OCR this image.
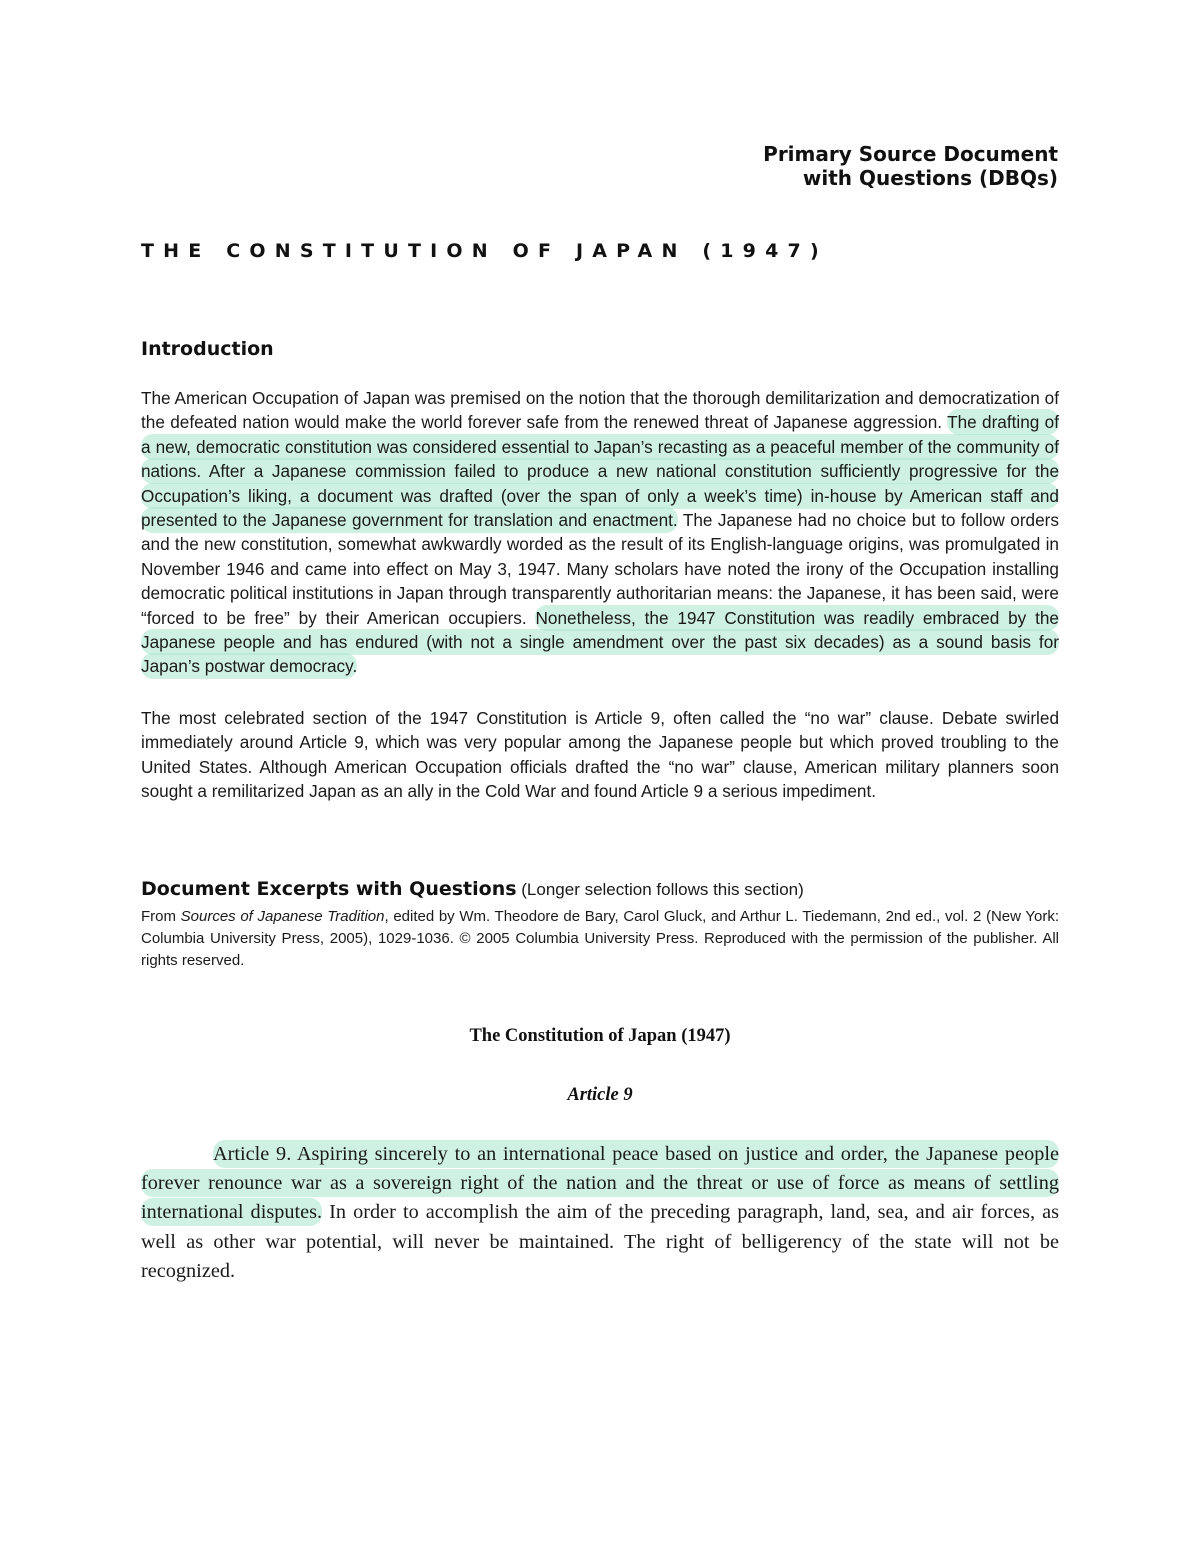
Primary Source Document
with Questions (DBQs)
THE CONSTITUTION OF JAPAN (1947)
Introduction

The American Occupation of Japan was premised on the notion that the thorough demilitarization and democratization of the defeated nation would make the world forever safe from the renewed threat of Japanese aggression. The drafting of a new, democratic constitution was considered essential to Japan’s recasting as a peaceful member of the community of nations. After a Japanese commission failed to produce a new national constitution sufficiently progressive for the Occupation’s liking, a document was drafted (over the span of only a week’s time) in-house by American staff and presented to the Japanese government for translation and enactment. The Japanese had no choice but to follow orders and the new constitution, somewhat awkwardly worded as the result of its English-language origins, was promulgated in November 1946 and came into effect on May 3, 1947. Many scholars have noted the irony of the Occupation installing democratic political institutions in Japan through transparently authoritarian means: the Japanese, it has been said, were “forced to be free” by their American occupiers. Nonetheless, the 1947 Constitution was readily embraced by the Japanese people and has endured (with not a single amendment over the past six decades) as a sound basis for Japan’s postwar democracy.

The most celebrated section of the 1947 Constitution is Article 9, often called the “no war” clause. Debate swirled immediately around Article 9, which was very popular among the Japanese people but which proved troubling to the United States. Although American Occupation officials drafted the “no war” clause, American military planners soon sought a remilitarized Japan as an ally in the Cold War and found Article 9 a serious impediment.

Document Excerpts with Questions (Longer selection follows this section)

From Sources of Japanese Tradition, edited by Wm. Theodore de Bary, Carol Gluck, and Arthur L. Tiedemann, 2nd ed., vol. 2 (New York: Columbia University Press, 2005), 1029-1036. © 2005 Columbia University Press. Reproduced with the permission of the publisher. All rights reserved.

The Constitution of Japan (1947)
Article 9

Article 9. Aspiring sincerely to an international peace based on justice and order, the Japanese people forever renounce war as a sovereign right of the nation and the threat or use of force as means of settling international disputes. In order to accomplish the aim of the preceding paragraph, land, sea, and air forces, as well as other war potential, will never be maintained. The right of belligerency of the state will not be recognized.
